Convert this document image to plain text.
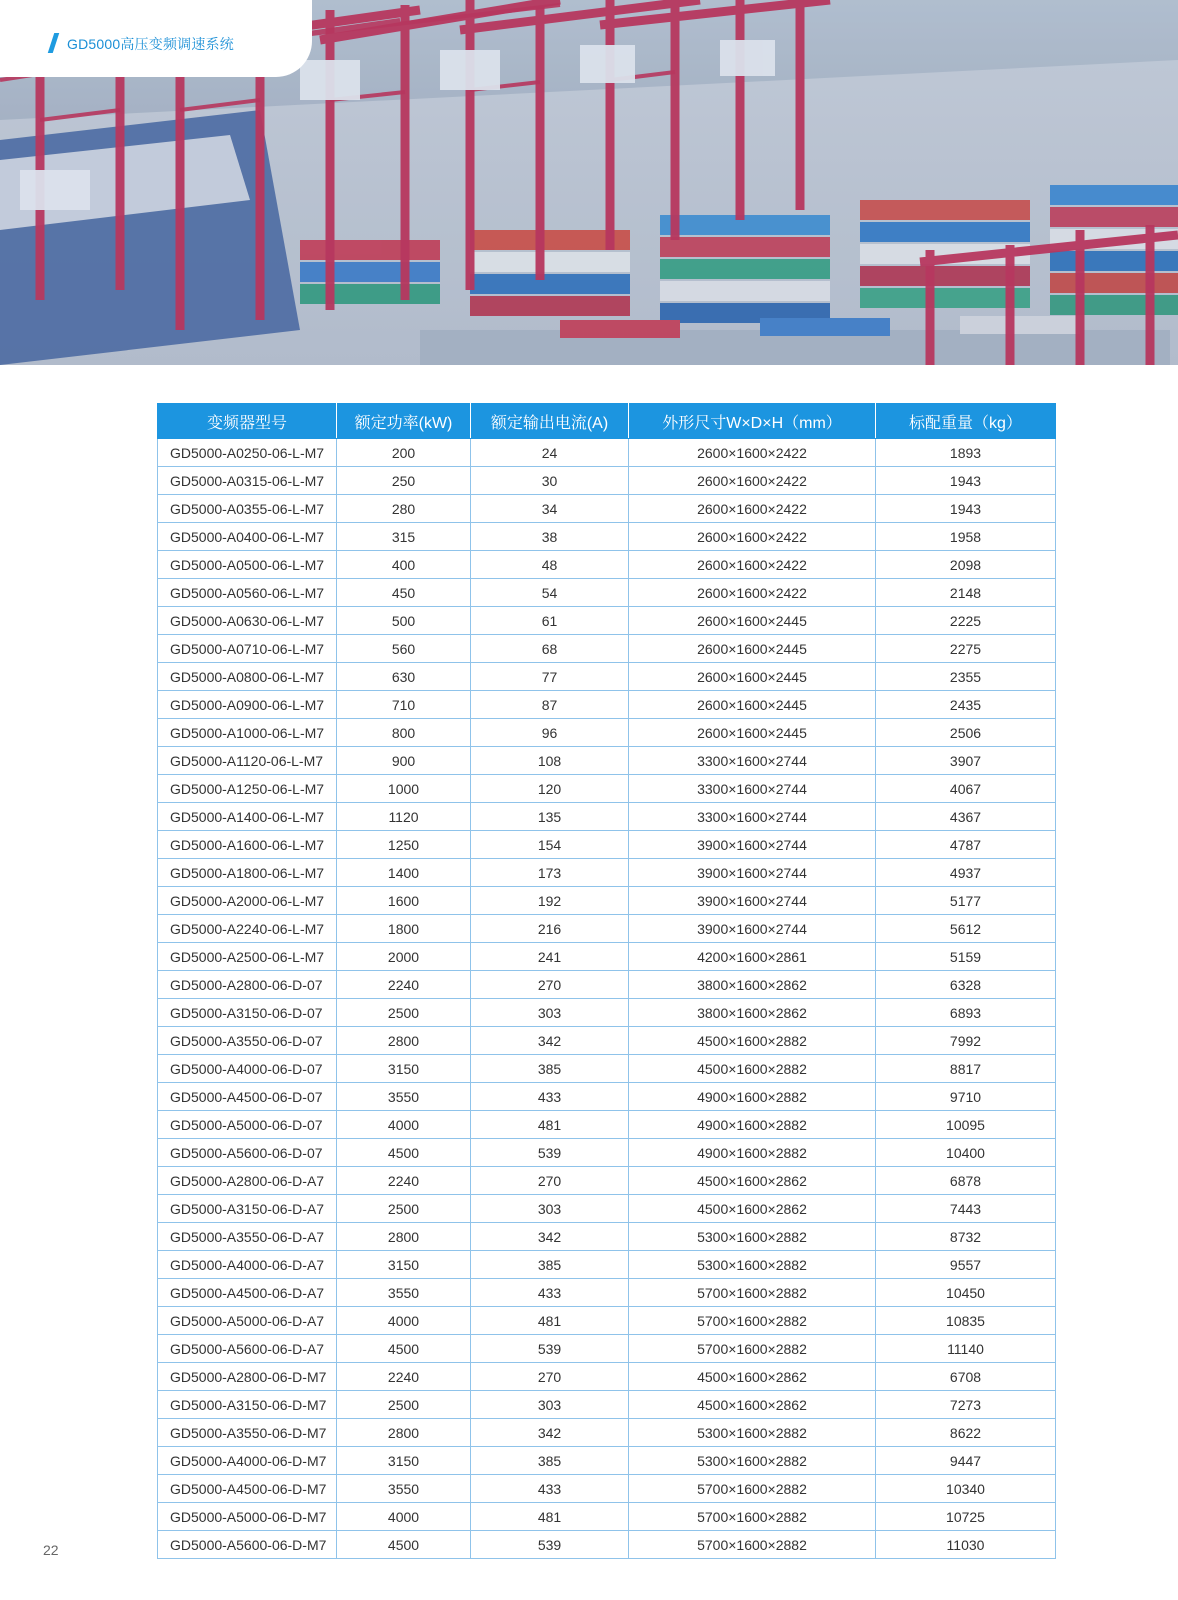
GD5000高压变频调速系统
变频器型号	额定功率(kW)	额定输出电流(A)	外形尺寸W×D×H（mm）	标配重量（kg）
GD5000-A0250-06-L-M7	200	24	2600×1600×2422	1893
GD5000-A0315-06-L-M7	250	30	2600×1600×2422	1943
GD5000-A0355-06-L-M7	280	34	2600×1600×2422	1943
GD5000-A0400-06-L-M7	315	38	2600×1600×2422	1958
GD5000-A0500-06-L-M7	400	48	2600×1600×2422	2098
GD5000-A0560-06-L-M7	450	54	2600×1600×2422	2148
GD5000-A0630-06-L-M7	500	61	2600×1600×2445	2225
GD5000-A0710-06-L-M7	560	68	2600×1600×2445	2275
GD5000-A0800-06-L-M7	630	77	2600×1600×2445	2355
GD5000-A0900-06-L-M7	710	87	2600×1600×2445	2435
GD5000-A1000-06-L-M7	800	96	2600×1600×2445	2506
GD5000-A1120-06-L-M7	900	108	3300×1600×2744	3907
GD5000-A1250-06-L-M7	1000	120	3300×1600×2744	4067
GD5000-A1400-06-L-M7	1120	135	3300×1600×2744	4367
GD5000-A1600-06-L-M7	1250	154	3900×1600×2744	4787
GD5000-A1800-06-L-M7	1400	173	3900×1600×2744	4937
GD5000-A2000-06-L-M7	1600	192	3900×1600×2744	5177
GD5000-A2240-06-L-M7	1800	216	3900×1600×2744	5612
GD5000-A2500-06-L-M7	2000	241	4200×1600×2861	5159
GD5000-A2800-06-D-07	2240	270	3800×1600×2862	6328
GD5000-A3150-06-D-07	2500	303	3800×1600×2862	6893
GD5000-A3550-06-D-07	2800	342	4500×1600×2882	7992
GD5000-A4000-06-D-07	3150	385	4500×1600×2882	8817
GD5000-A4500-06-D-07	3550	433	4900×1600×2882	9710
GD5000-A5000-06-D-07	4000	481	4900×1600×2882	10095
GD5000-A5600-06-D-07	4500	539	4900×1600×2882	10400
GD5000-A2800-06-D-A7	2240	270	4500×1600×2862	6878
GD5000-A3150-06-D-A7	2500	303	4500×1600×2862	7443
GD5000-A3550-06-D-A7	2800	342	5300×1600×2882	8732
GD5000-A4000-06-D-A7	3150	385	5300×1600×2882	9557
GD5000-A4500-06-D-A7	3550	433	5700×1600×2882	10450
GD5000-A5000-06-D-A7	4000	481	5700×1600×2882	10835
GD5000-A5600-06-D-A7	4500	539	5700×1600×2882	11140
GD5000-A2800-06-D-M7	2240	270	4500×1600×2862	6708
GD5000-A3150-06-D-M7	2500	303	4500×1600×2862	7273
GD5000-A3550-06-D-M7	2800	342	5300×1600×2882	8622
GD5000-A4000-06-D-M7	3150	385	5300×1600×2882	9447
GD5000-A4500-06-D-M7	3550	433	5700×1600×2882	10340
GD5000-A5000-06-D-M7	4000	481	5700×1600×2882	10725
GD5000-A5600-06-D-M7	4500	539	5700×1600×2882	11030
22
